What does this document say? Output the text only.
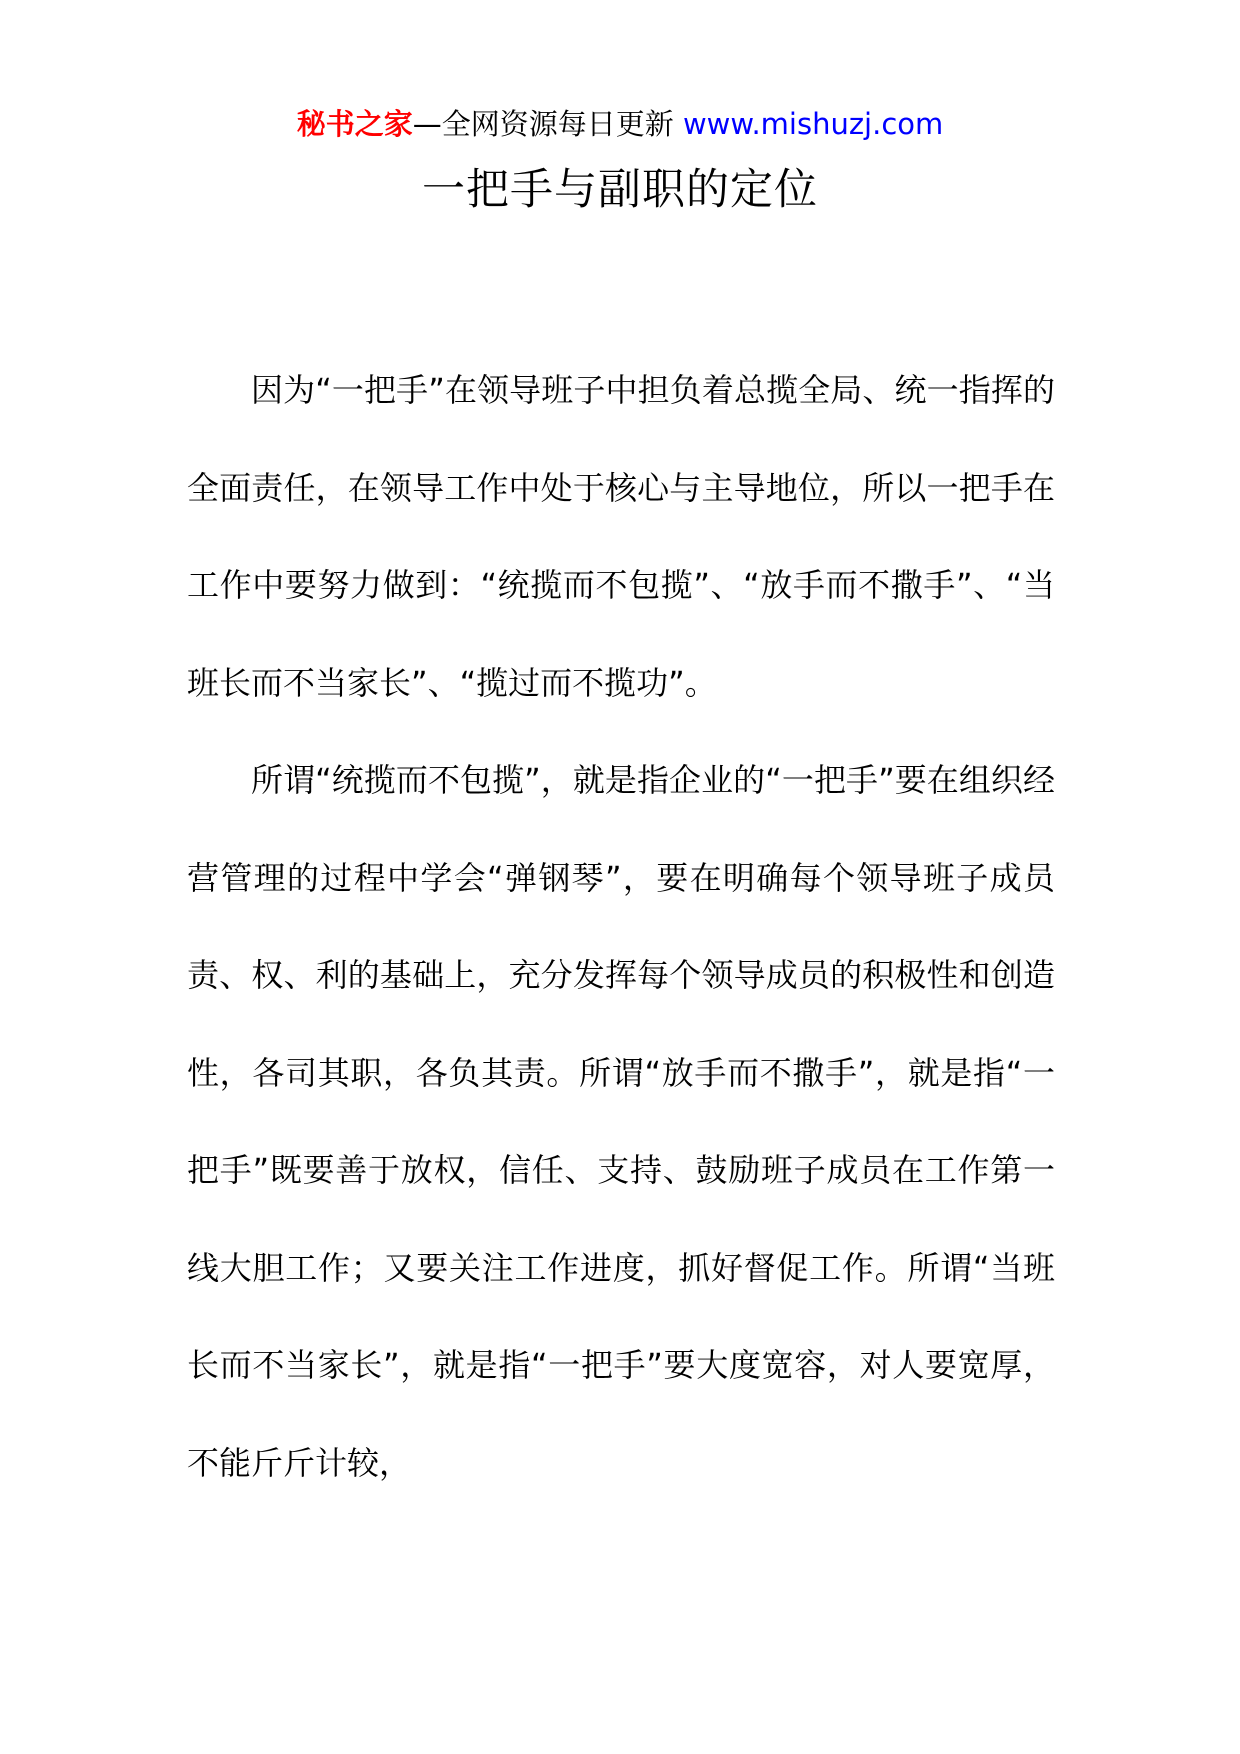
秘书之家—全网资源每日更新 www.mishuzj.com
一把手与副职的定位

因为“一把手”在领导班子中担负着总揽全局、统一指挥的全面责任，在领导工作中处于核心与主导地位，所以一把手在工作中要努力做到：“统揽而不包揽”、“放手而不撒手”、“当班长而不当家长”、“揽过而不揽功”。

所谓“统揽而不包揽”，就是指企业的“一把手”要在组织经营管理的过程中学会“弹钢琴”，要在明确每个领导班子成员责、权、利的基础上，充分发挥每个领导成员的积极性和创造性，各司其职，各负其责。所谓“放手而不撒手”，就是指“一把手”既要善于放权，信任、支持、鼓励班子成员在工作第一线大胆工作；又要关注工作进度，抓好督促工作。所谓“当班长而不当家长”，就是指“一把手”要大度宽容，对人要宽厚，不能斤斤计较，
